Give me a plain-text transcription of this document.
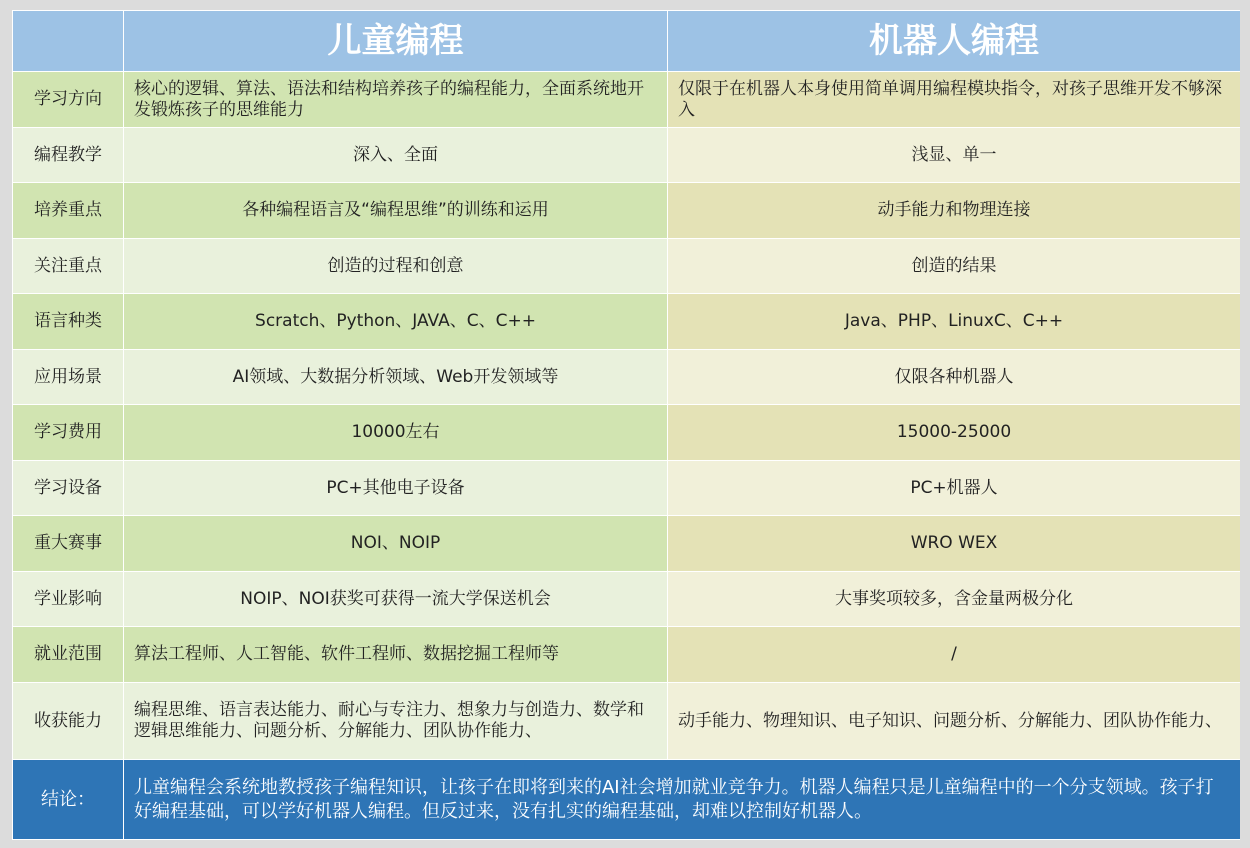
	儿童编程	机器人编程
学习方向	核心的逻辑、算法、语法和结构培养孩子的编程能力，全面系统地开发锻炼孩子的思维能力	仅限于在机器人本身使用简单调用编程模块指令，对孩子思维开发不够深入
编程教学	深入、全面	浅显、单一
培养重点	各种编程语言及“编程思维”的训练和运用	动手能力和物理连接
关注重点	创造的过程和创意	创造的结果
语言种类	Scratch、Python、JAVA、C、C++	Java、PHP、LinuxC、C++
应用场景	AI领域、大数据分析领域、Web开发领域等	仅限各种机器人
学习费用	10000左右	15000-25000
学习设备	PC+其他电子设备	PC+机器人
重大赛事	NOI、NOIP	WRO WEX
学业影响	NOIP、NOI获奖可获得一流大学保送机会	大事奖项较多，含金量两极分化
就业范围	算法工程师、人工智能、软件工程师、数据挖掘工程师等	/
收获能力	编程思维、语言表达能力、耐心与专注力、想象力与创造力、数学和逻辑思维能力、问题分析、分解能力、团队协作能力、	动手能力、物理知识、电子知识、问题分析、分解能力、团队协作能力、
结论：	儿童编程会系统地教授孩子编程知识，让孩子在即将到来的AI社会增加就业竞争力。机器人编程只是儿童编程中的一个分支领域。孩子打好编程基础，可以学好机器人编程。但反过来，没有扎实的编程基础，却难以控制好机器人。	
